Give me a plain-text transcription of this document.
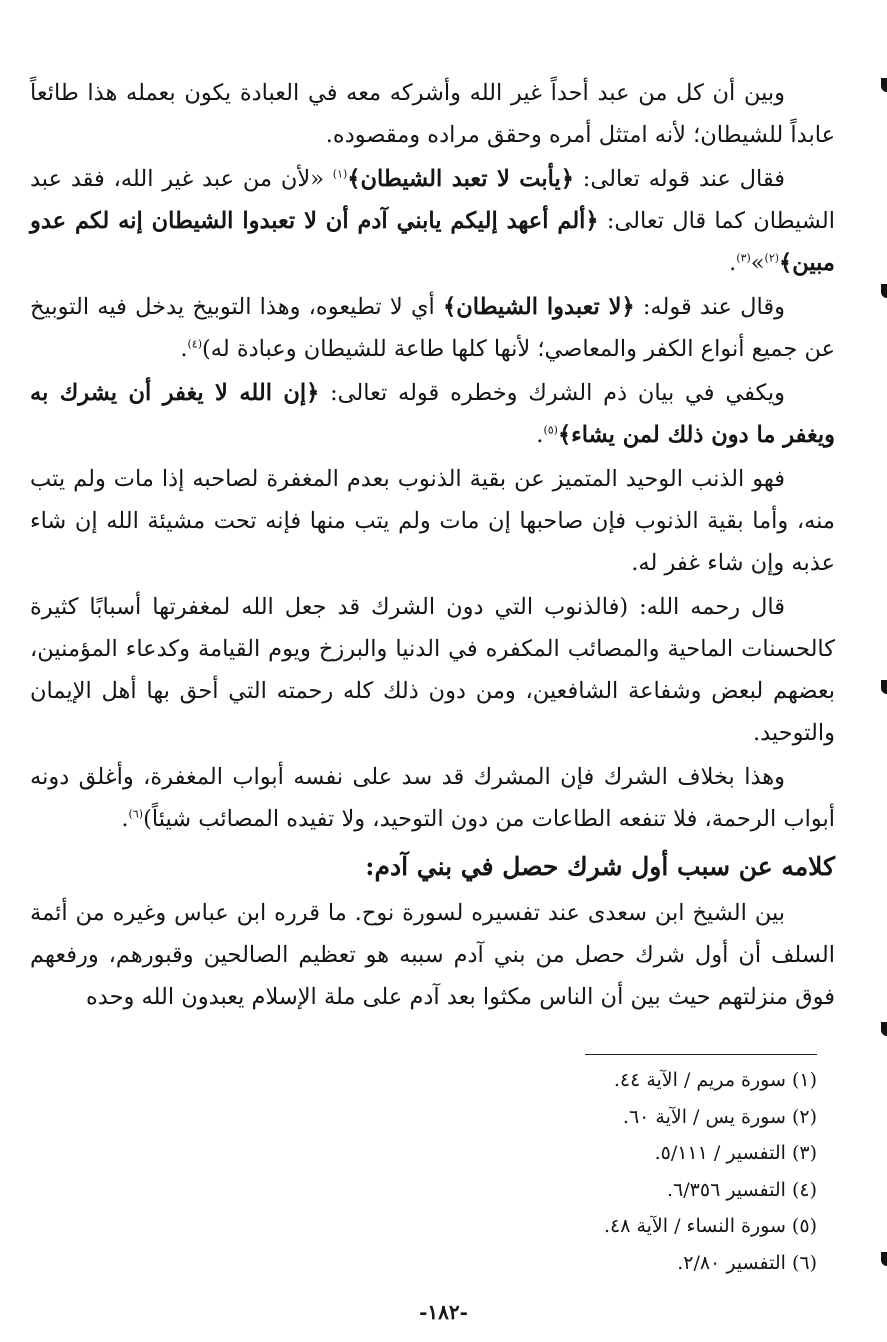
وبين أن كل من عبد أحداً غير الله وأشركه معه في العبادة يكون بعمله هذا طائعاً عابداً للشيطان؛ لأنه امتثل أمره وحقق مراده ومقصوده.

فقال عند قوله تعالى: ﴿يأبت لا تعبد الشيطان﴾$^{(١)}$ «لأن من عبد غير الله، فقد عبد الشيطان كما قال تعالى: ﴿ألم أعهد إليكم يابني آدم أن لا تعبدوا الشيطان إنه لكم عدو مبين﴾$^{(٢)}$»$^{(٣)}$.

وقال عند قوله: ﴿لا تعبدوا الشيطان﴾ أي لا تطيعوه، وهذا التوبيخ يدخل فيه التوبيخ عن جميع أنواع الكفر والمعاصي؛ لأنها كلها طاعة للشيطان وعبادة له)$^{(٤)}$.

ويكفي في بيان ذم الشرك وخطره قوله تعالى: ﴿إن الله لا يغفر أن يشرك به ويغفر ما دون ذلك لمن يشاء﴾$^{(٥)}$.

فهو الذنب الوحيد المتميز عن بقية الذنوب بعدم المغفرة لصاحبه إذا مات ولم يتب منه، وأما بقية الذنوب فإن صاحبها إن مات ولم يتب منها فإنه تحت مشيئة الله إن شاء عذبه وإن شاء غفر له.

قال رحمه الله: (فالذنوب التي دون الشرك قد جعل الله لمغفرتها أسبابًا كثيرة كالحسنات الماحية والمصائب المكفره في الدنيا والبرزخ ويوم القيامة وكدعاء المؤمنين، بعضهم لبعض وشفاعة الشافعين، ومن دون ذلك كله رحمته التي أحق بها أهل الإيمان والتوحيد.

وهذا بخلاف الشرك فإن المشرك قد سد على نفسه أبواب المغفرة، وأغلق دونه أبواب الرحمة، فلا تنفعه الطاعات من دون التوحيد، ولا تفيده المصائب شيئاً)$^{(٦)}$.

كلامه عن سبب أول شرك حصل في بني آدم:

بين الشيخ ابن سعدى عند تفسيره لسورة نوح. ما قرره ابن عباس وغيره من أئمة السلف أن أول شرك حصل من بني آدم سببه هو تعظيم الصالحين وقبورهم، ورفعهم فوق منزلتهم حيث بين أن الناس مكثوا بعد آدم على ملة الإسلام يعبدون الله وحده

(١) سورة مريم / الآية ٤٤.
(٢) سورة يس / الآية ٦٠.
(٣) التفسير / ٥/١١١.
(٤) التفسير ٦/٣٥٦.
(٥) سورة النساء / الآية ٤٨.
(٦) التفسير ٢/٨٠.
-١٨٢-
